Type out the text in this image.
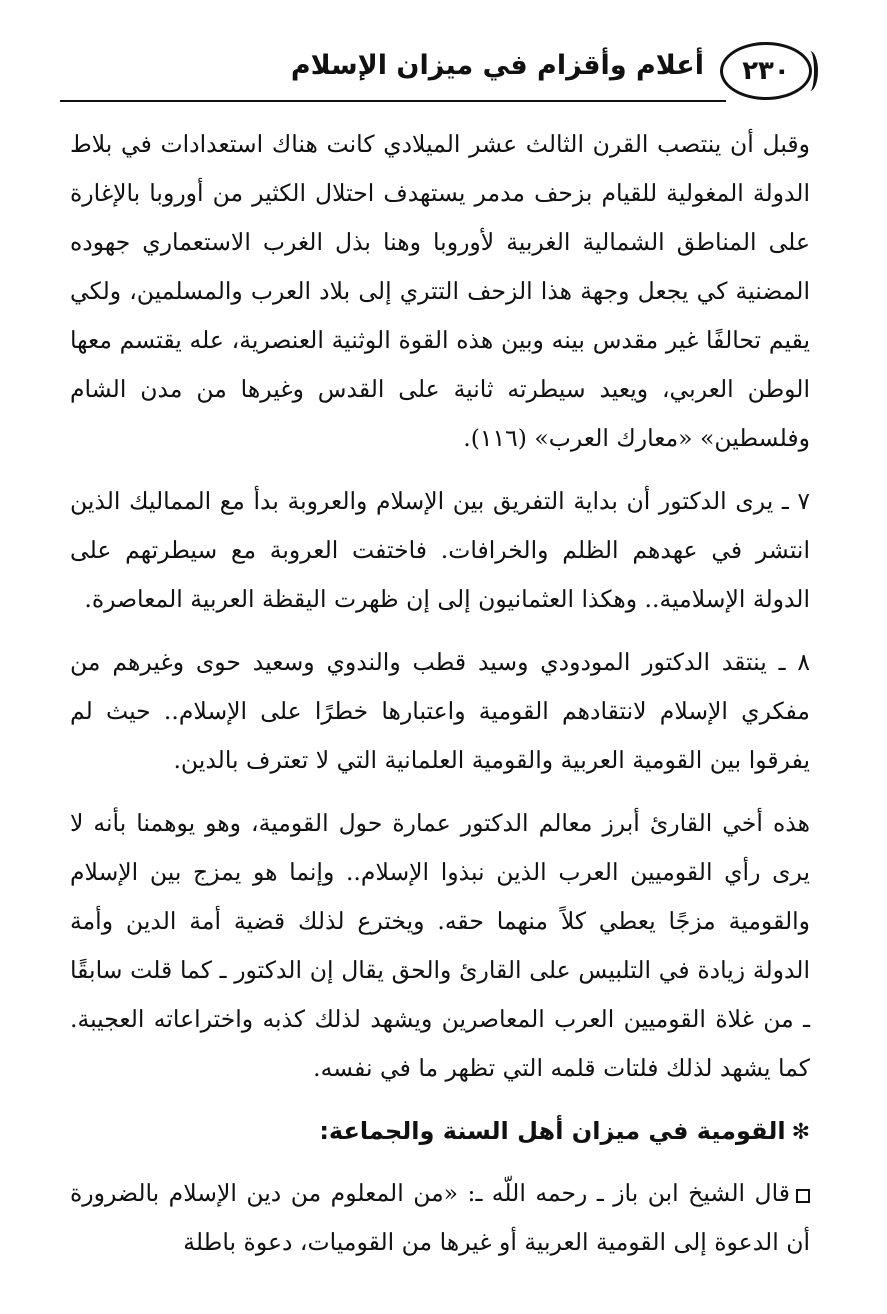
٢٣٠
أعلام وأقزام في ميزان الإسلام

وقبل أن ينتصب القرن الثالث عشر الميلادي كانت هناك استعدادات في بلاط الدولة المغولية للقيام بزحف مدمر يستهدف احتلال الكثير من أوروبا بالإغارة على المناطق الشمالية الغربية لأوروبا وهنا بذل الغرب الاستعماري جهوده المضنية كي يجعل وجهة هذا الزحف التتري إلى بلاد العرب والمسلمين، ولكي يقيم تحالفًا غير مقدس بينه وبين هذه القوة الوثنية العنصرية، عله يقتسم معها الوطن العربي، ويعيد سيطرته ثانية على القدس وغيرها من مدن الشام وفلسطين» «معارك العرب» (١١٦).

٧ ـ يرى الدكتور أن بداية التفريق بين الإسلام والعروبة بدأ مع المماليك الذين انتشر في عهدهم الظلم والخرافات. فاختفت العروبة مع سيطرتهم على الدولة الإسلامية.. وهكذا العثمانيون إلى إن ظهرت اليقظة العربية المعاصرة.

٨ ـ ينتقد الدكتور المودودي وسيد قطب والندوي وسعيد حوى وغيرهم من مفكري الإسلام لانتقادهم القومية واعتبارها خطرًا على الإسلام.. حيث لم يفرقوا بين القومية العربية والقومية العلمانية التي لا تعترف بالدين.

هذه أخي القارئ أبرز معالم الدكتور عمارة حول القومية، وهو يوهمنا بأنه لا يرى رأي القوميين العرب الذين نبذوا الإسلام.. وإنما هو يمزج بين الإسلام والقومية مزجًا يعطي كلاً منهما حقه. ويخترع لذلك قضية أمة الدين وأمة الدولة زيادة في التلبيس على القارئ والحق يقال إن الدكتور ـ كما قلت سابقًا ـ من غلاة القوميين العرب المعاصرين ويشهد لذلك كذبه واختراعاته العجيبة. كما يشهد لذلك فلتات قلمه التي تظهر ما في نفسه.

✻القومية في ميزان أهل السنة والجماعة:

قال الشيخ ابن باز ـ رحمه اللّه ـ: «من المعلوم من دين الإسلام بالضرورة أن الدعوة إلى القومية العربية أو غيرها من القوميات، دعوة باطلة
